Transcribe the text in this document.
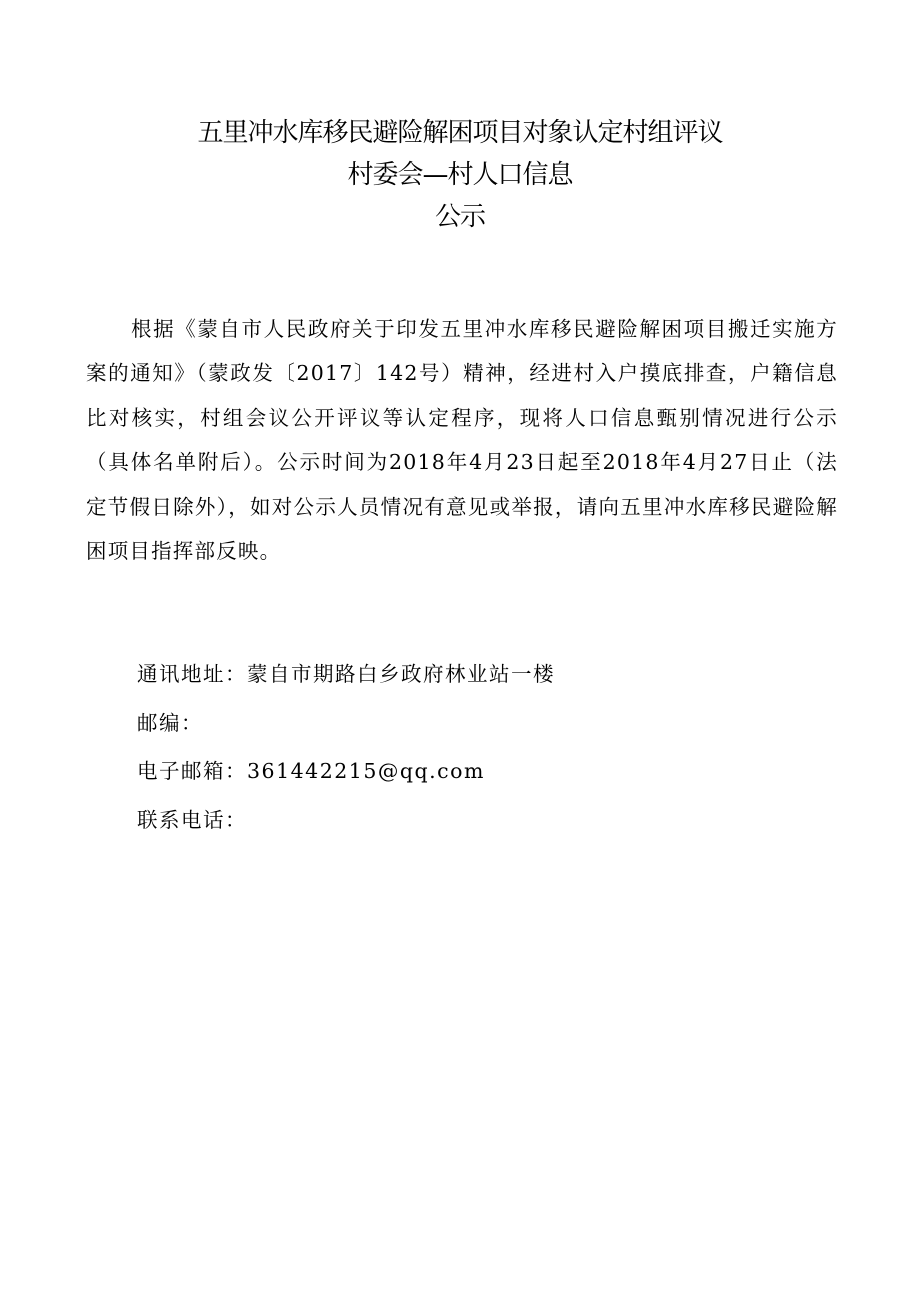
五里冲水库移民避险解困项目对象认定村组评议
村委会—村人口信息
公示

根据《蒙自市人民政府关于印发五里冲水库移民避险解困项目搬迁实施方案的通知》（蒙政发〔2017〕142号）精神，经进村入户摸底排查，户籍信息比对核实，村组会议公开评议等认定程序，现将人口信息甄别情况进行公示（具体名单附后）。公示时间为2018年4月23日起至2018年4月27日止（法定节假日除外），如对公示人员情况有意见或举报，请向五里冲水库移民避险解困项目指挥部反映。

通讯地址：蒙自市期路白乡政府林业站一楼
邮编：
电子邮箱：361442215@qq.com
联系电话：
